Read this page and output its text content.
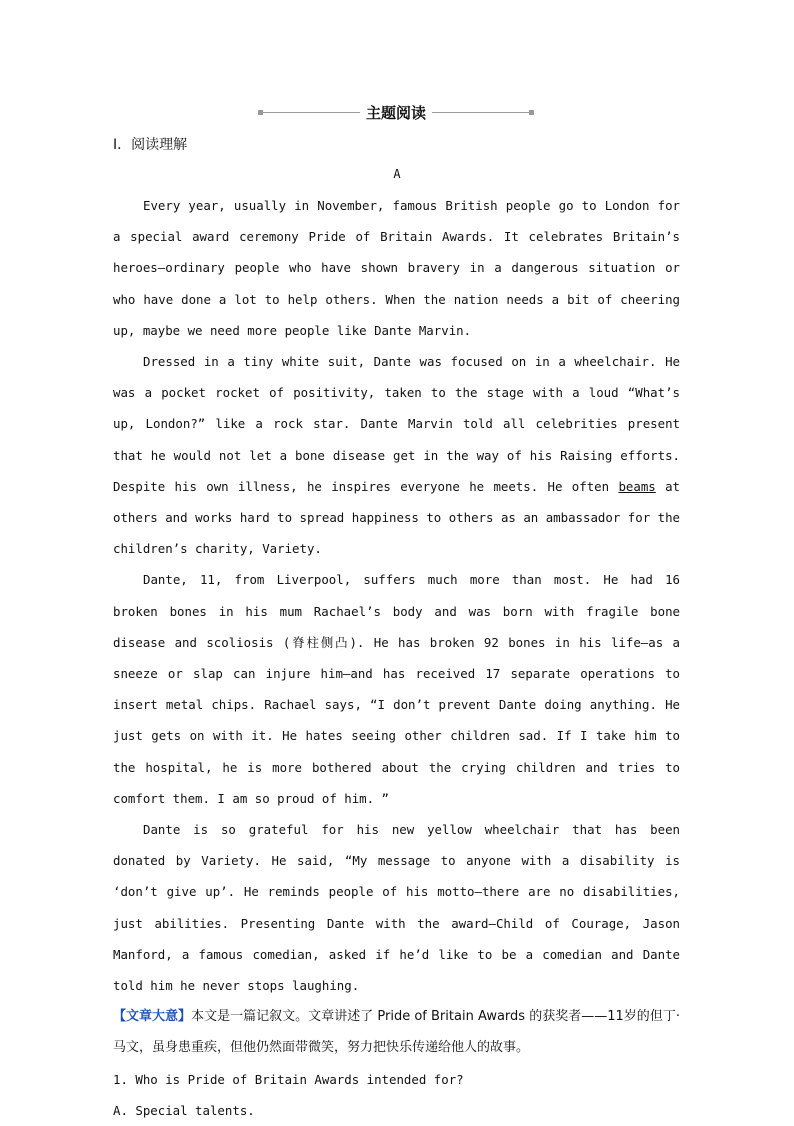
主题阅读
I．阅读理解
A

Every year, usually in November, famous British people go to London for a special award ceremony Pride of Britain Awards. It celebrates Britain’s heroes—ordinary people who have shown bravery in a dangerous situation or who have done a lot to help others. When the nation needs a bit of cheering up, maybe we need more people like Dante Marvin.

Dressed in a tiny white suit, Dante was focused on in a wheelchair. He was a pocket rocket of positivity, taken to the stage with a loud “What’s up, London?” like a rock star. Dante Marvin told all celebrities present that he would not let a bone disease get in the way of his Raising efforts. Despite his own illness, he inspires everyone he meets. He often beams at others and works hard to spread happiness to others as an ambassador for the children’s charity, Variety.

Dante, 11, from Liverpool, suffers much more than most. He had 16 broken bones in his mum Rachael’s body and was born with fragile bone disease and scoliosis (脊柱侧凸). He has broken 92 bones in his life—as a sneeze or slap can injure him—and has received 17 separate operations to insert metal chips. Rachael says, “I don’t prevent Dante doing anything. He just gets on with it. He hates seeing other children sad. If I take him to the hospital, he is more bothered about the crying children and tries to comfort them. I am so proud of him. ”

Dante is so grateful for his new yellow wheelchair that has been donated by Variety. He said, “My message to anyone with a disability is ‘don’t give up’. He reminds people of his motto—there are no disabilities, just abilities. Presenting Dante with the award—Child of Courage, Jason Manford, a famous comedian, asked if he’d like to be a comedian and Dante told him he never stops laughing.

【文章大意】本文是一篇记叙文。文章讲述了 Pride of Britain Awards 的获奖者——11岁的但丁·马文，虽身患重疾，但他仍然面带微笑，努力把快乐传递给他人的故事。

1. Who is Pride of Britain Awards intended for?

A. Special talents.
